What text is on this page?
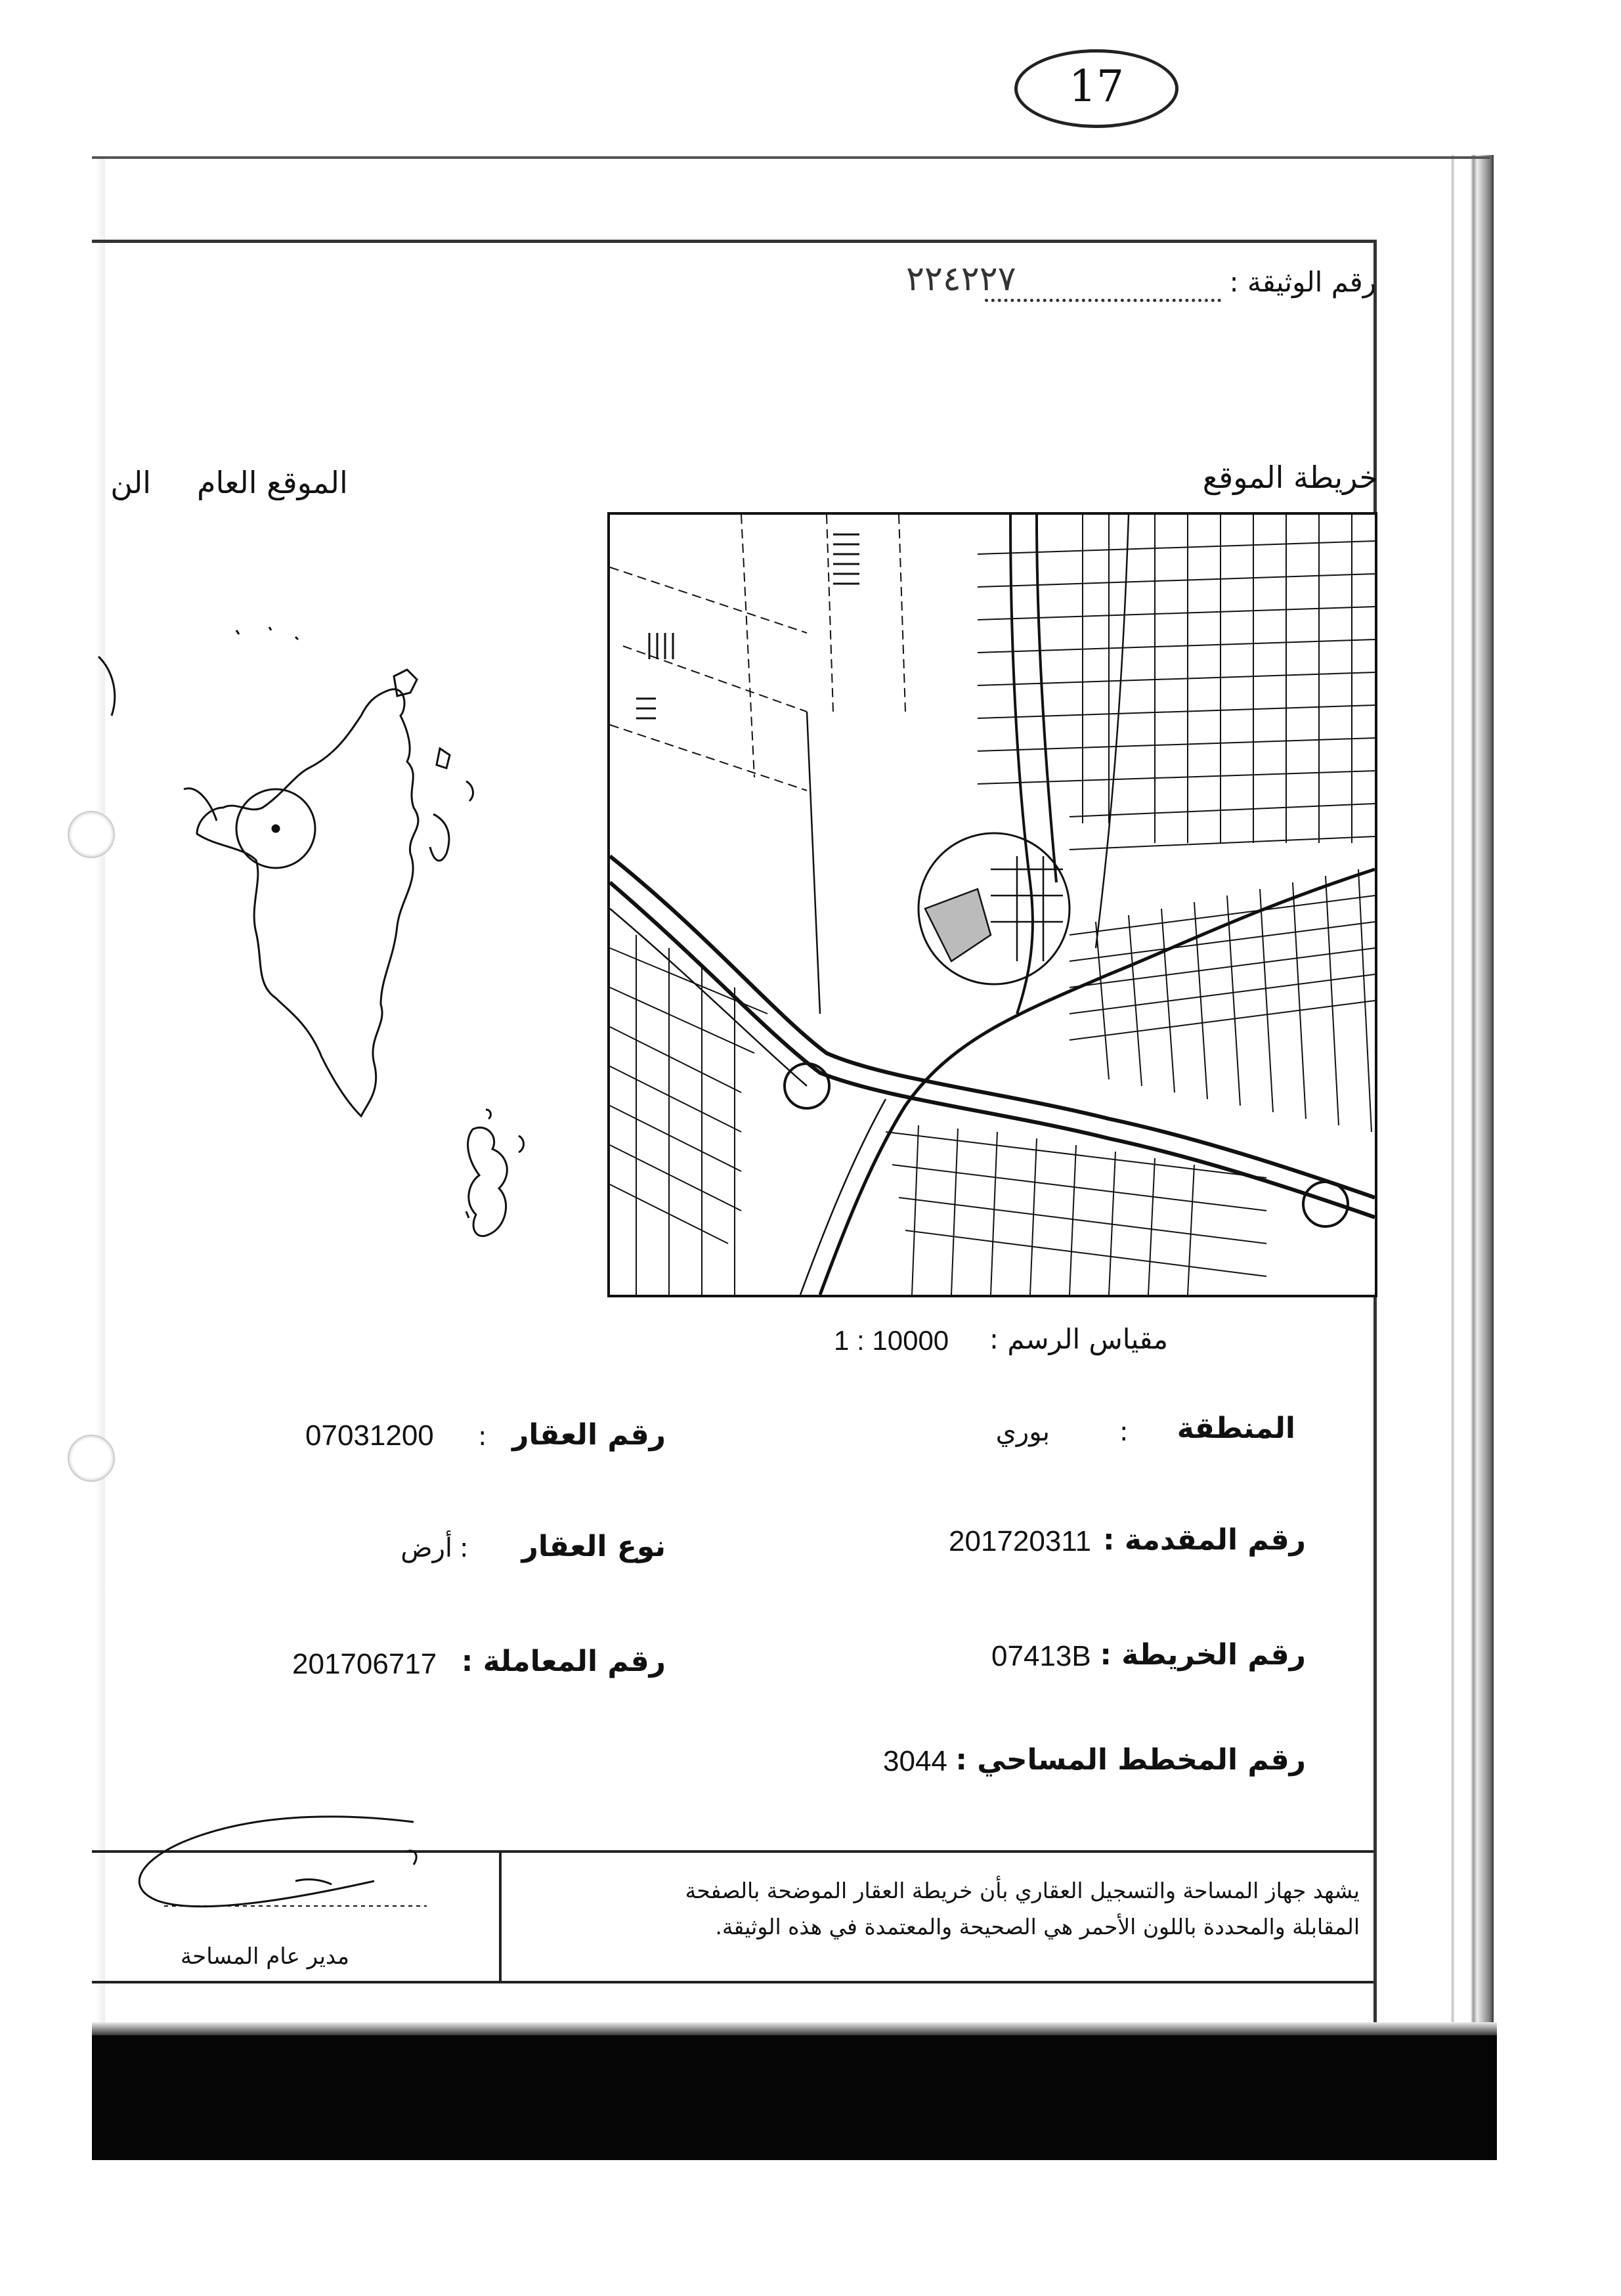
17
رقم الوثيقة :
٢٢٤٢٢٧
خريطة الموقع
الموقع العام
الن
مقياس الرسم :
1 : 10000
المنطقة
:
بوري
رقم المقدمة :
201720311
رقم الخريطة :
07413B
رقم المخطط المساحي :
3044
رقم العقار
:
07031200
نوع العقار
:
أرض
رقم المعاملة :
201706717
يشهد جهاز المساحة والتسجيل العقاري بأن خريطة العقار الموضحة بالصفحة
المقابلة والمحددة باللون الأحمر هي الصحيحة والمعتمدة في هذه الوثيقة.
مدير عام المساحة
